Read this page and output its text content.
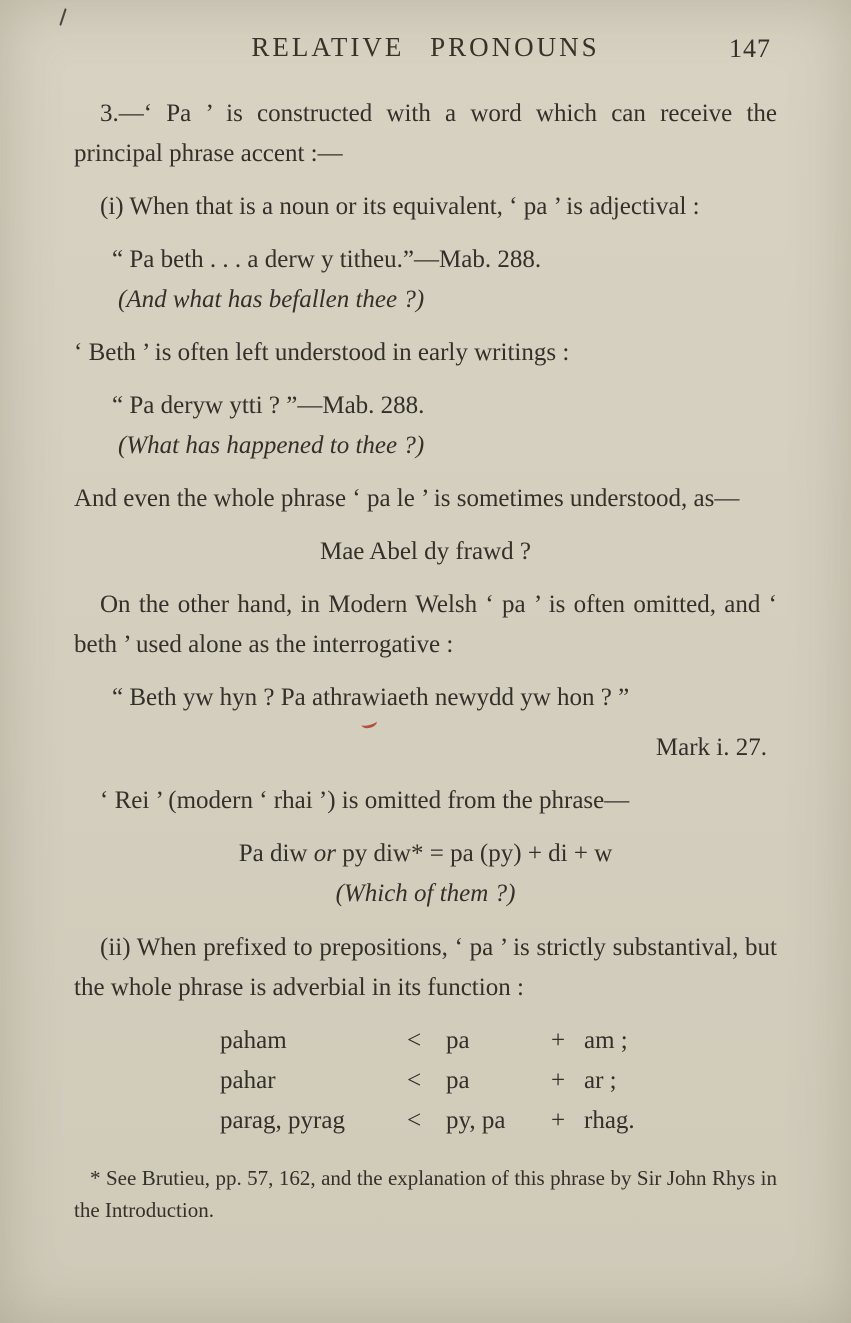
RELATIVE PRONOUNS	147

3.—‘ Pa ’ is constructed with a word which can receive the principal phrase accent :—

(i) When that is a noun or its equivalent, ‘ pa ’ is adjectival :

“ Pa beth . . . a derw y titheu.”—Mab. 288.

(And what has befallen thee ?)

‘ Beth ’ is often left understood in early writings :

“ Pa deryw ytti ? ”—Mab. 288.

(What has happened to thee ?)

And even the whole phrase ‘ pa le ’ is sometimes understood, as—

Mae Abel dy frawd ?

On the other hand, in Modern Welsh ‘ pa ’ is often omitted, and ‘ beth ’ used alone as the interrogative :

“ Beth yw hyn ? Pa athrawiaeth newydd yw hon ? ”

Mark i. 27.

‘ Rei ’ (modern ‘ rhai ’) is omitted from the phrase—

Pa diw or py diw* = pa (py) + di + w

(Which of them ?)

(ii) When prefixed to prepositions, ‘ pa ’ is strictly substantival, but the whole phrase is adverbial in its function :

paham	< pa	+ am ;
pahar	< pa	+ ar ;
parag, pyrag	< py, pa	+ rhag.

* See Brutieu, pp. 57, 162, and the explanation of this phrase by Sir John Rhys in the Introduction.
